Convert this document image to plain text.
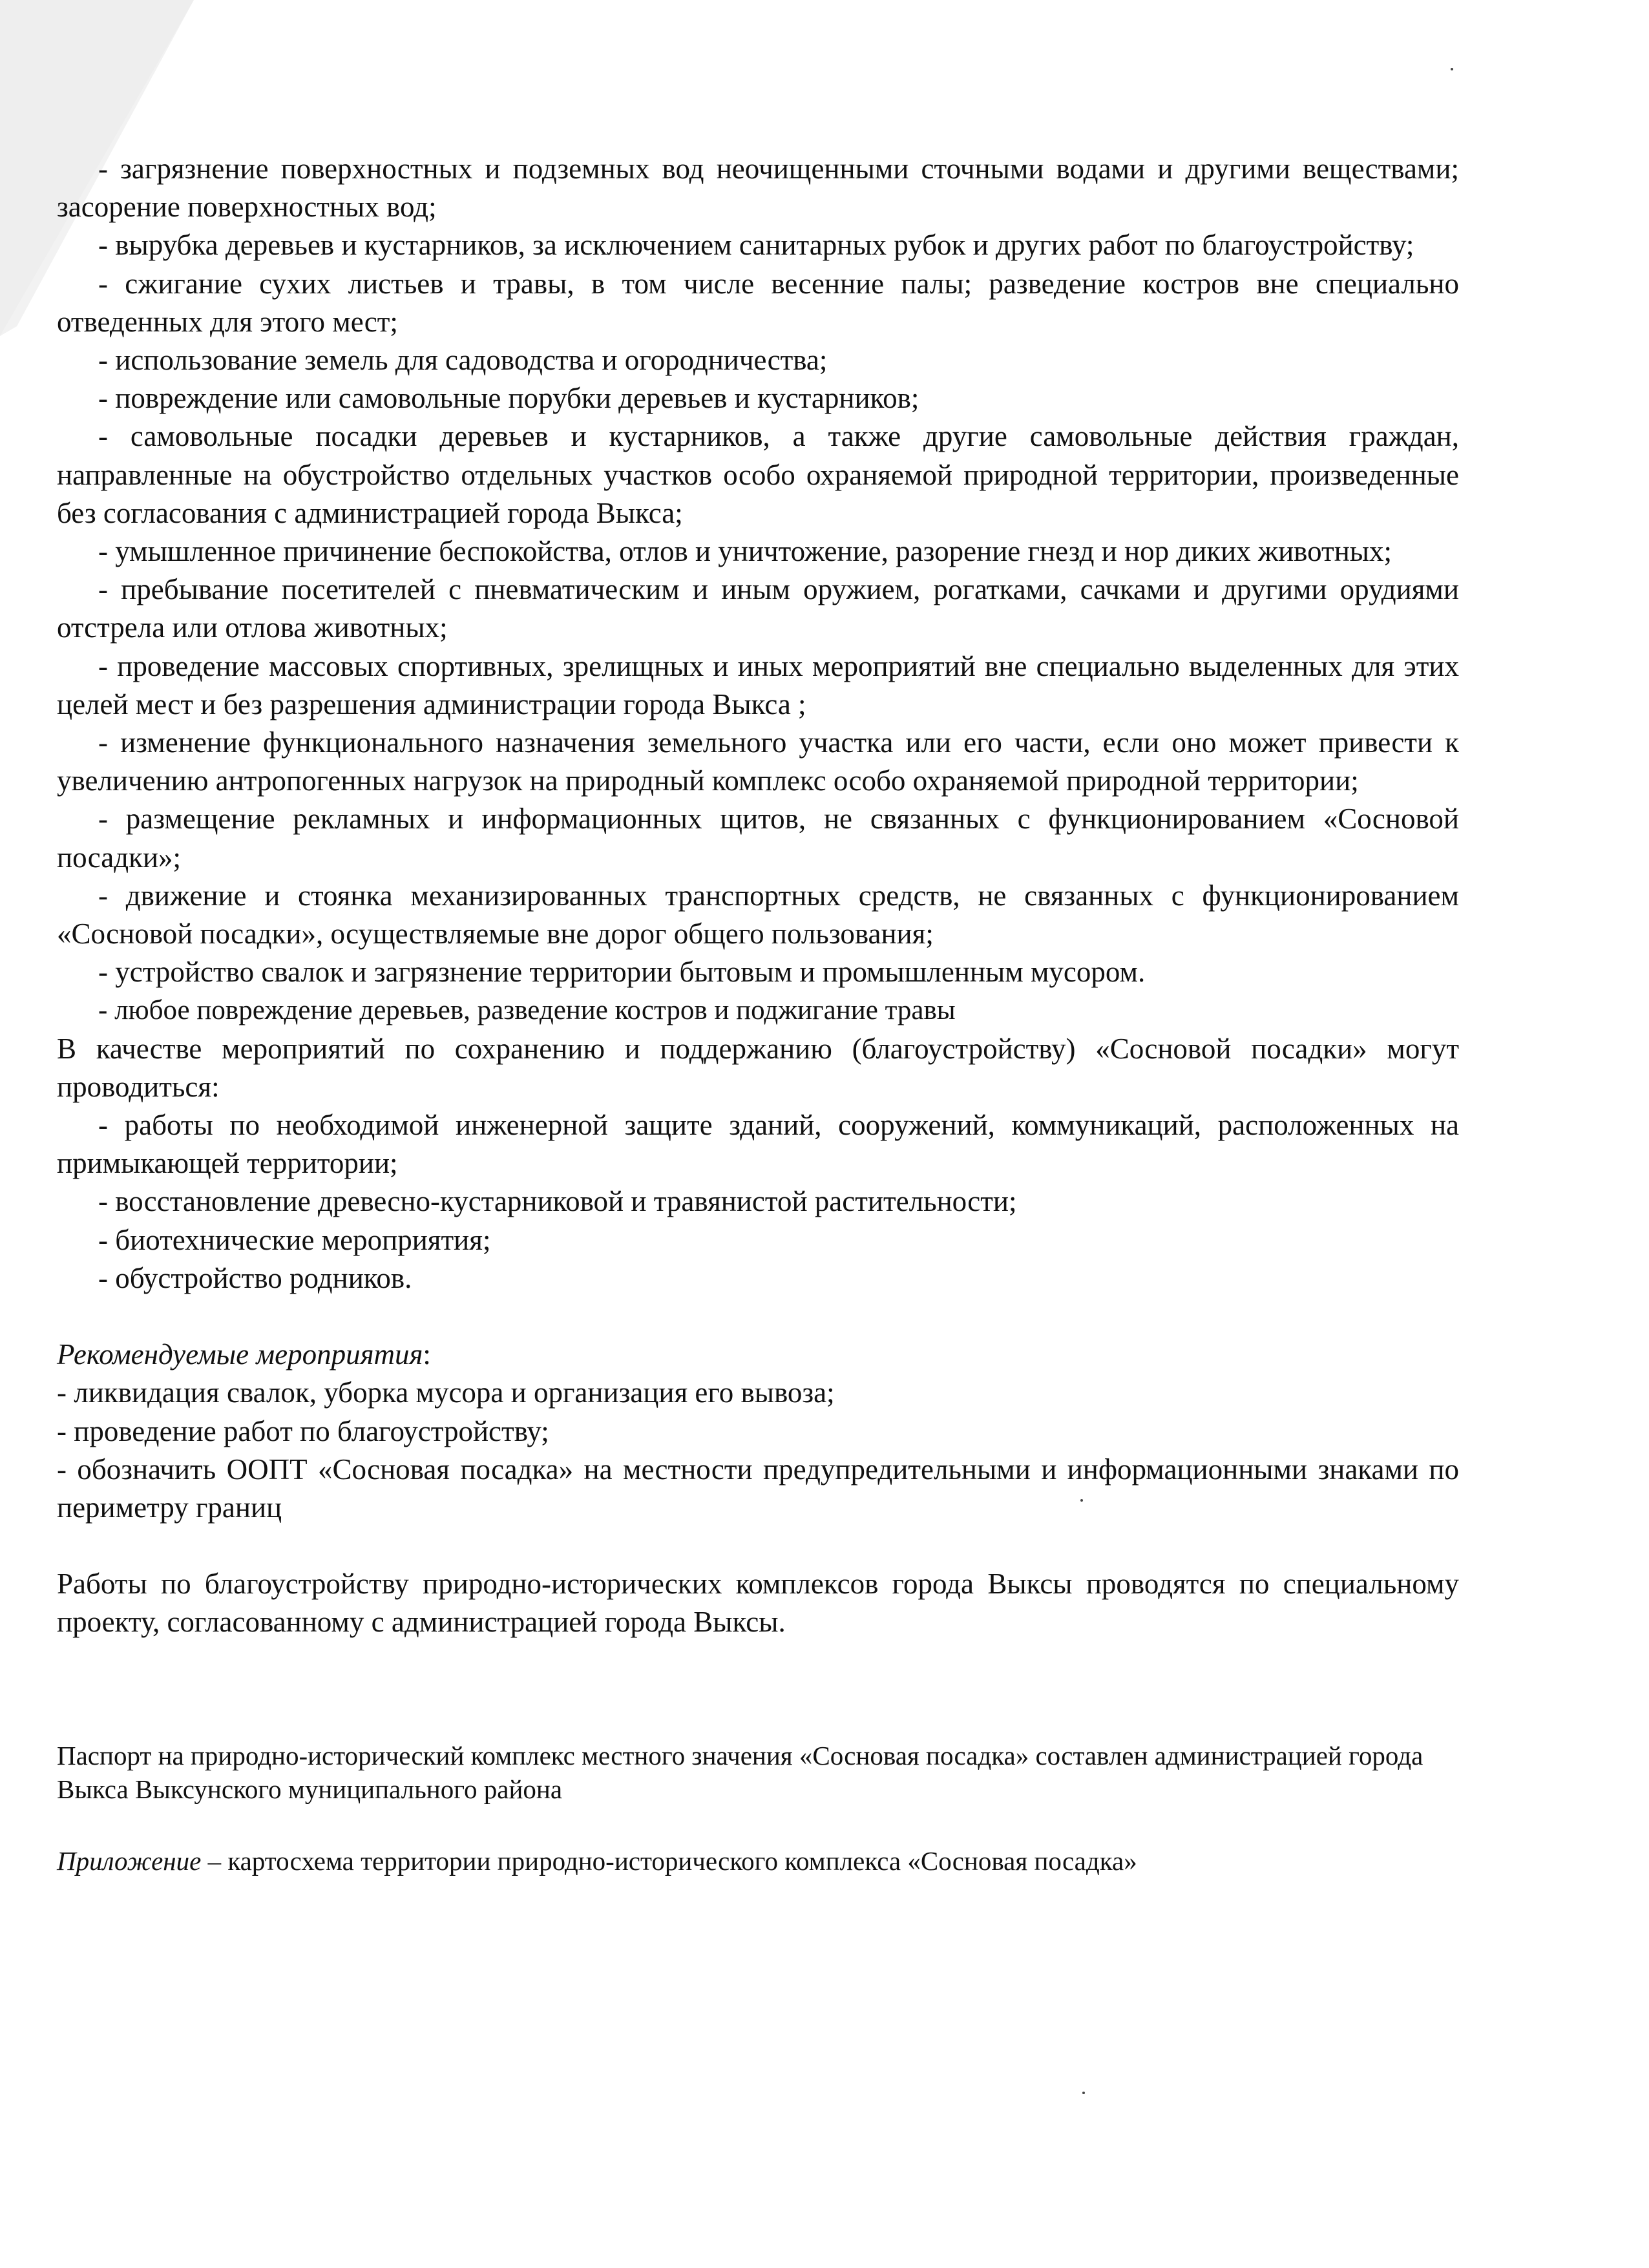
- загрязнение поверхностных и подземных вод неочищенными сточными водами и другими веществами; засорение поверхностных вод;

- вырубка деревьев и кустарников, за исключением санитарных рубок и других работ по благоустройству;

- сжигание сухих листьев и травы, в том числе весенние палы; разведение костров вне специально отведенных для этого мест;

- использование земель для садоводства и огородничества;

- повреждение или самовольные порубки деревьев и кустарников;

- самовольные посадки деревьев и кустарников, а также другие самовольные действия граждан, направленные на обустройство отдельных участков особо охраняемой природной территории, произведенные без согласования с администрацией города Выкса;

- умышленное причинение беспокойства, отлов и уничтожение, разорение гнезд и нор диких животных;

- пребывание посетителей с пневматическим и иным оружием, рогатками, сачками и другими орудиями отстрела или отлова животных;

- проведение массовых спортивных, зрелищных и иных мероприятий вне специально выделенных для этих целей мест и без разрешения администрации города Выкса ;

- изменение функционального назначения земельного участка или его части, если оно может привести к увеличению антропогенных нагрузок на природный комплекс особо охраняемой природной территории;

- размещение рекламных и информационных щитов, не связанных с функционированием «Сосновой посадки»;

- движение и стоянка механизированных транспортных средств, не связанных с функционированием «Сосновой посадки», осуществляемые вне дорог общего пользования;

- устройство свалок и загрязнение территории бытовым и промышленным мусором.

- любое повреждение деревьев, разведение костров и поджигание травы

В качестве мероприятий по сохранению и поддержанию (благоустройству) «Сосновой посадки» могут проводиться:

- работы по необходимой инженерной защите зданий, сооружений, коммуникаций, расположенных на примыкающей территории;

- восстановление древесно-кустарниковой и травянистой растительности;

- биотехнические мероприятия;

- обустройство родников.

Рекомендуемые мероприятия:

- ликвидация свалок, уборка мусора и организация его вывоза;

- проведение работ по благоустройству;

- обозначить ООПТ «Сосновая посадка» на местности предупредительными и информационными знаками по периметру границ

Работы по благоустройству природно-исторических комплексов города Выксы проводятся по специальному проекту, согласованному с администрацией города Выксы.

Паспорт на природно-исторический комплекс местного значения «Сосновая посадка» составлен администрацией города Выкса Выксунского муниципального района

Приложение – картосхема территории природно-исторического комплекса «Сосновая посадка»
